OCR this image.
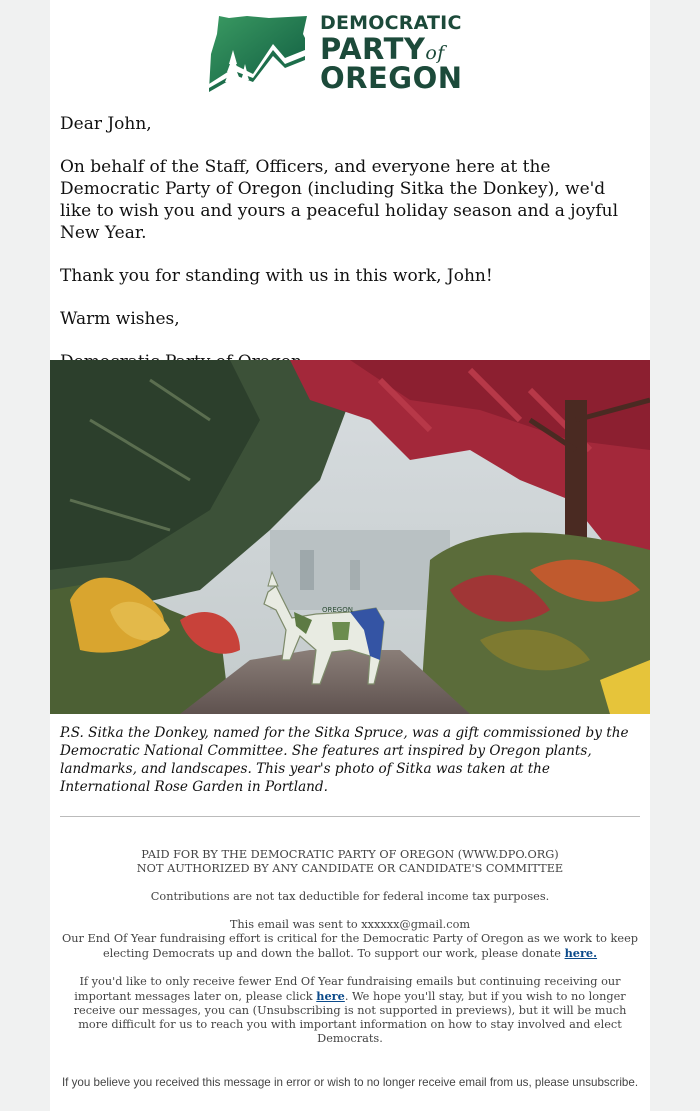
DEMOCRATIC
PARTYof
OREGON

Dear John,

On behalf of the Staff, Officers, and everyone here at the Democratic Party of Oregon (including Sitka the Donkey), we'd like to wish you and yours a peaceful holiday season and a joyful New Year.

Thank you for standing with us in this work, John!

Warm wishes,

OREGON
P.S. Sitka the Donkey, named for the Sitka Spruce, was a gift commissioned by the Democratic National Committee. She features art inspired by Oregon plants, landmarks, and landscapes. This year's photo of Sitka was taken at the International Rose Garden in Portland.
PAID FOR BY THE DEMOCRATIC PARTY OF OREGON (WWW.DPO.ORG)
NOT AUTHORIZED BY ANY CANDIDATE OR CANDIDATE'S COMMITTEE
Contributions are not tax deductible for federal income tax purposes.
This email was sent to xxxxxx@gmail.com
Our End Of Year fundraising effort is critical for the Democratic Party of Oregon as we work to keep electing Democrats up and down the ballot. To support our work, please donate here.
If you'd like to only receive fewer End Of Year fundraising emails but continuing receiving our important messages later on, please click here. We hope you'll stay, but if you wish to no longer receive our messages, you can (Unsubscribing is not supported in previews), but it will be much more difficult for us to reach you with important information on how to stay involved and elect Democrats.
If you believe you received this message in error or wish to no longer receive email from us, please unsubscribe.
